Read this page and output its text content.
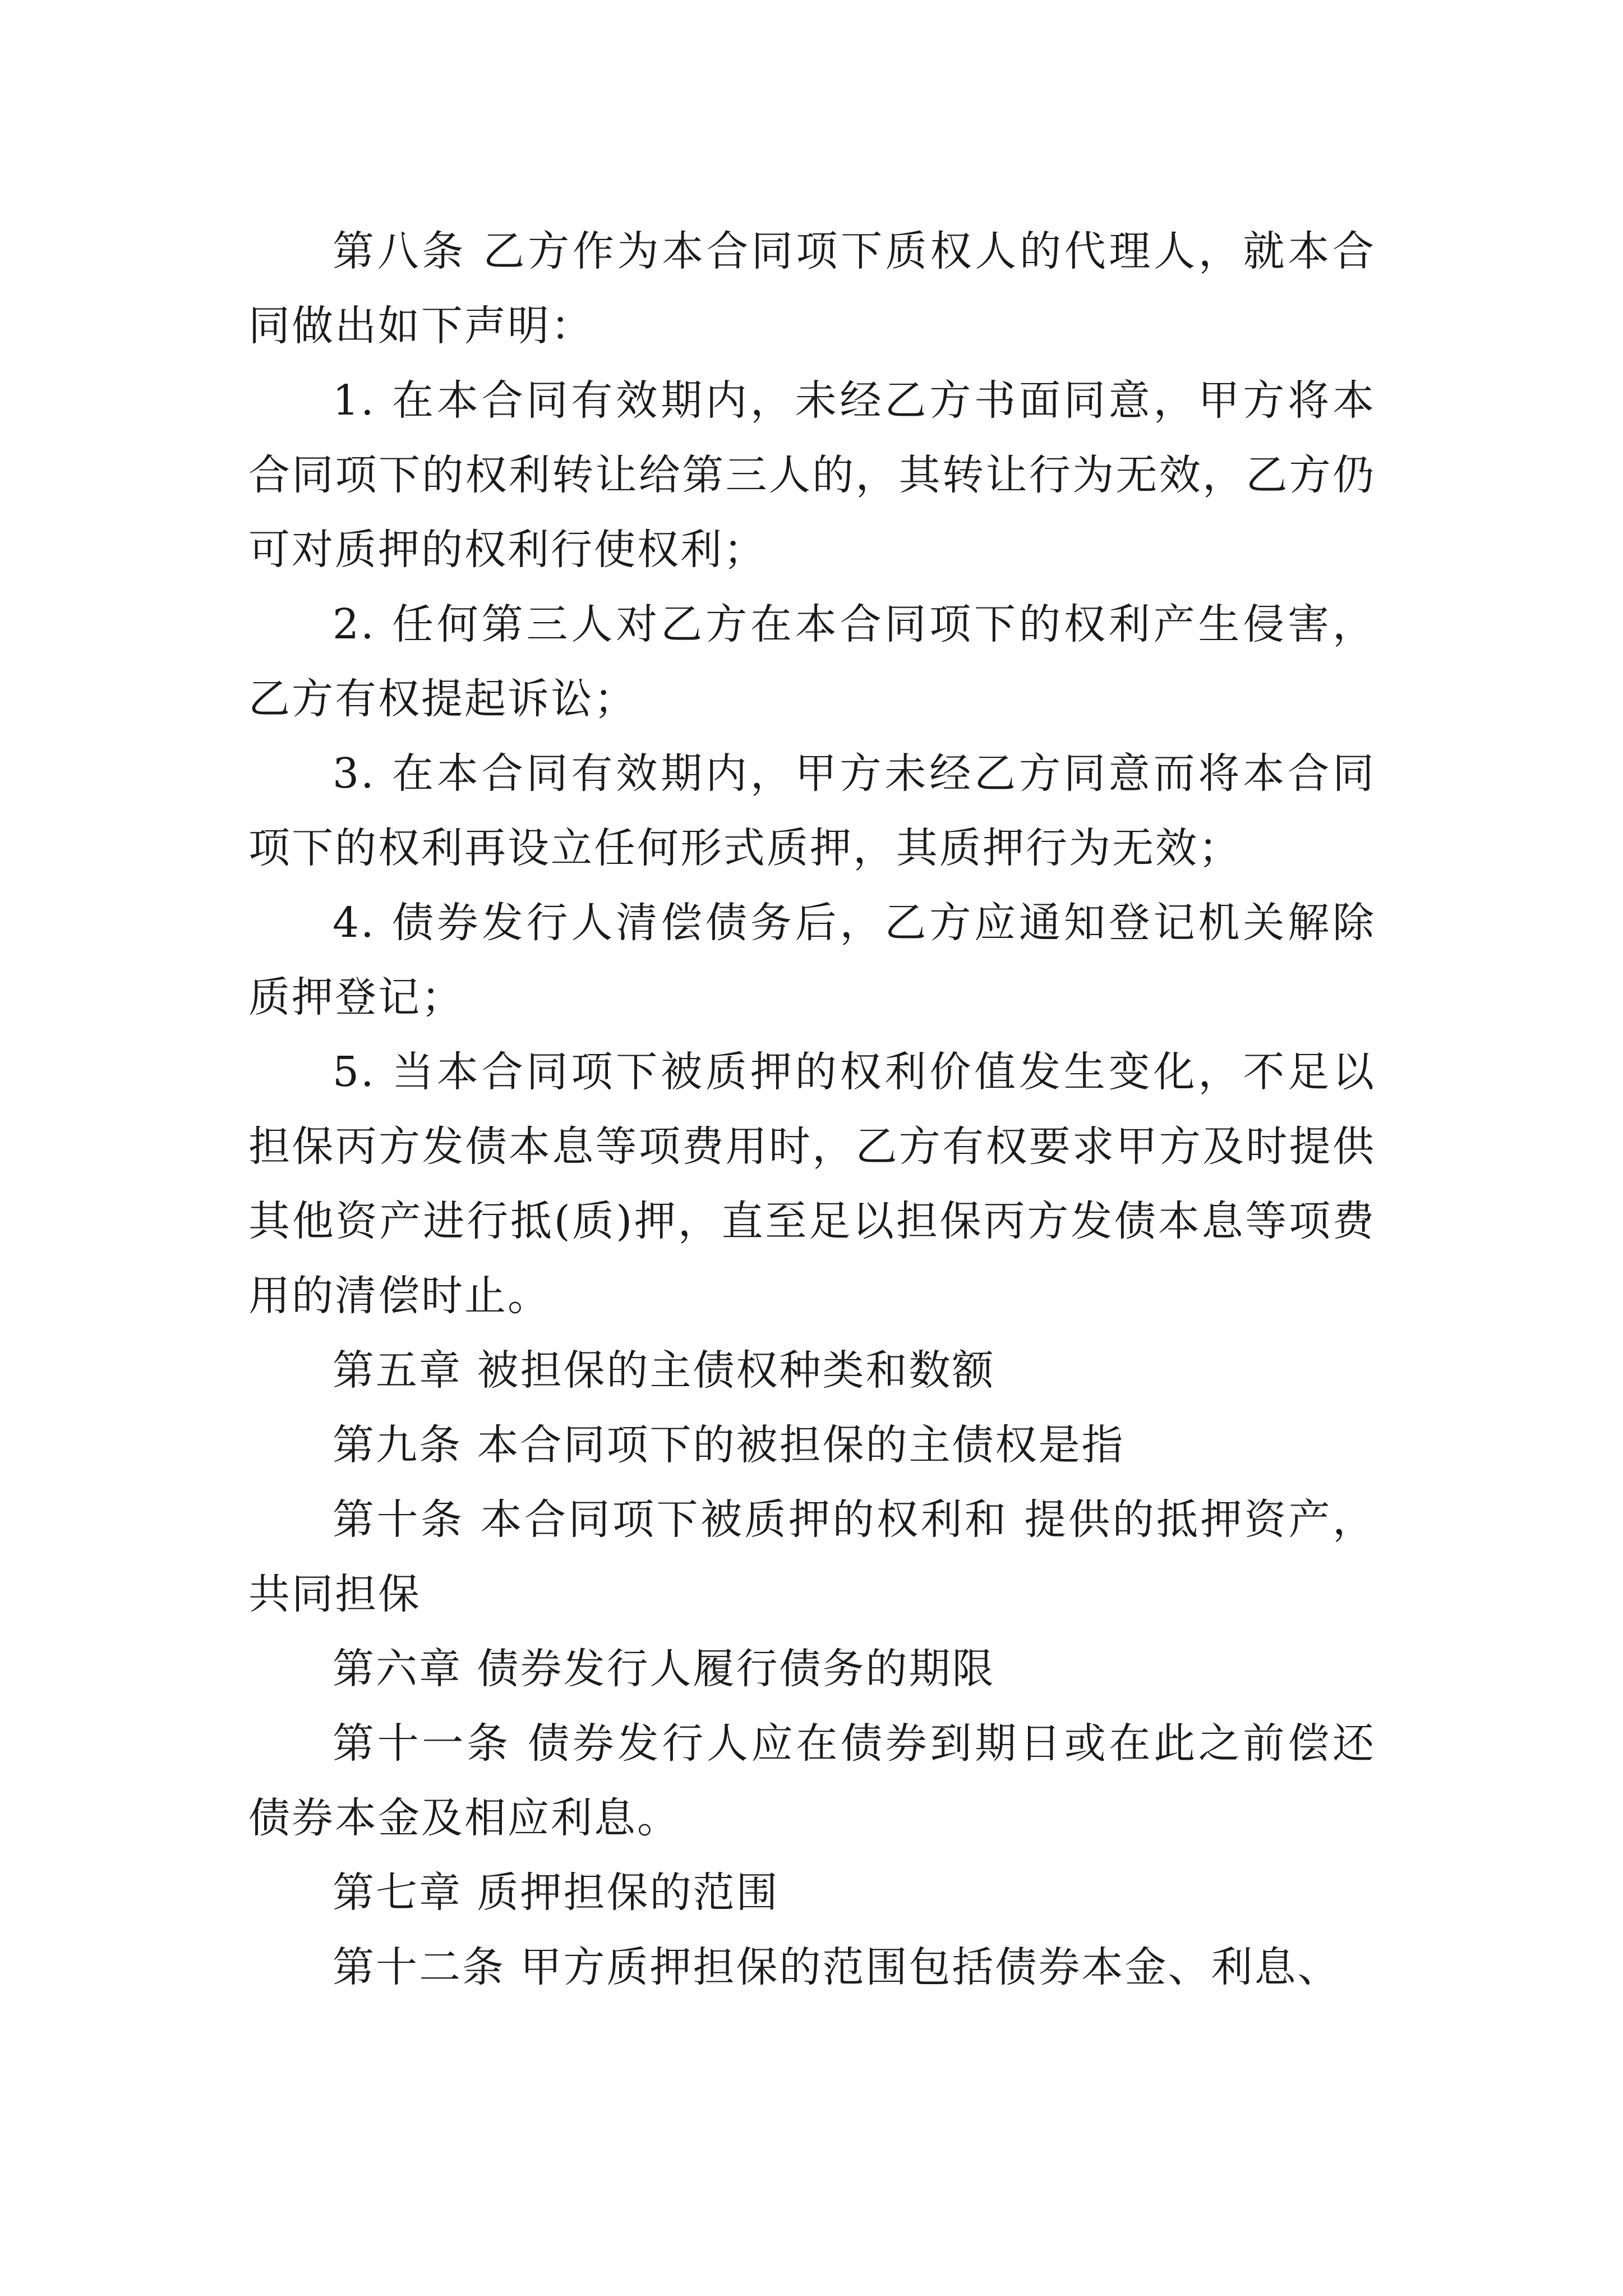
第八条 乙方作为本合同项下质权人的代理人，就本合同做出如下声明：

1. 在本合同有效期内，未经乙方书面同意，甲方将本合同项下的权利转让给第三人的，其转让行为无效，乙方仍可对质押的权利行使权利；

2. 任何第三人对乙方在本合同项下的权利产生侵害，乙方有权提起诉讼；

3. 在本合同有效期内，甲方未经乙方同意而将本合同项下的权利再设立任何形式质押，其质押行为无效；

4. 债券发行人清偿债务后，乙方应通知登记机关解除质押登记；

5. 当本合同项下被质押的权利价值发生变化，不足以担保丙方发债本息等项费用时，乙方有权要求甲方及时提供其他资产进行抵(质)押，直至足以担保丙方发债本息等项费用的清偿时止。

第五章 被担保的主债权种类和数额

第九条 本合同项下的被担保的主债权是指

第十条 本合同项下被质押的权利和 提供的抵押资产，共同担保

第六章 债券发行人履行债务的期限

第十一条 债券发行人应在债券到期日或在此之前偿还债券本金及相应利息。

第七章 质押担保的范围

第十二条 甲方质押担保的范围包括债券本金、利息、
